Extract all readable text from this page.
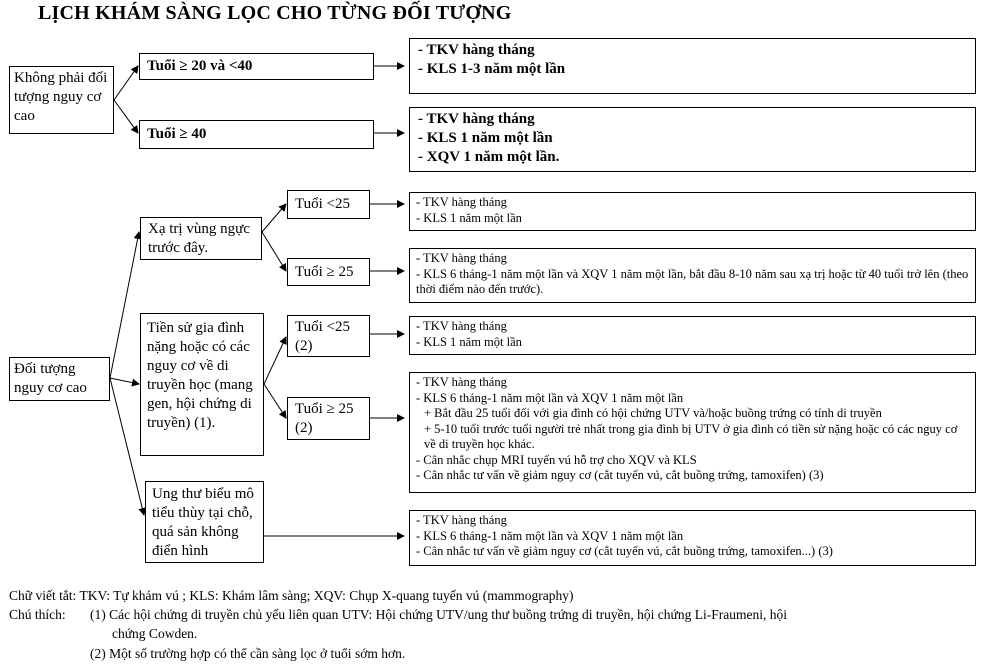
LỊCH KHÁM SÀNG LỌC CHO TỪNG ĐỐI TƯỢNG
Không phải đối tượng nguy cơ cao
Đối tượng nguy cơ cao
Tuổi ≥ 20 và <40
Tuổi ≥ 40
Xạ trị vùng ngực trước đây.
Tiền sử gia đình nặng hoặc có các nguy cơ về di truyền học (mang gen, hội chứng di truyền) (1).
Ung thư biểu mô tiểu thùy tại chỗ, quá sản không điển hình
Tuổi <25
Tuổi ≥ 25
Tuổi <25 (2)
Tuổi ≥ 25 (2)
- TKV hàng tháng
- KLS 1-3 năm một lần
- TKV hàng tháng
- KLS 1 năm một lần
- XQV 1 năm một lần.
- TKV hàng tháng
- KLS 1 năm một lần
- TKV hàng tháng
- KLS 6 tháng-1 năm một lần và XQV 1 năm một lần, bắt đầu 8-10 năm sau xạ trị hoặc từ 40 tuổi trở lên (theo thời điểm nào đến trước).
- TKV hàng tháng
- KLS 1 năm một lần
- TKV hàng tháng
- KLS 6 tháng-1 năm một lần và XQV 1 năm một lần
+ Bắt đầu 25 tuổi đối với gia đình có hội chứng UTV và/hoặc buồng trứng có tính di truyền
+ 5-10 tuổi trước tuổi người trẻ nhất trong gia đình bị UTV ở gia đình có tiền sử nặng hoặc có các nguy cơ về di truyền học khác.
- Cân nhắc chụp MRI tuyến vú hỗ trợ cho XQV và KLS
- Cân nhắc tư vấn về giảm nguy cơ (cắt tuyến vú, cắt buồng trứng, tamoxifen) (3)
- TKV hàng tháng
- KLS 6 tháng-1 năm một lần và XQV 1 năm một lần
- Cân nhắc tư vấn về giảm nguy cơ (cắt tuyến vú, cắt buồng trứng, tamoxifen...) (3)
Chữ viết tắt: TKV: Tự khám vú ; KLS: Khám lâm sàng; XQV: Chụp X-quang tuyến vú (mammography)
Chú thích: (1) Các hội chứng di truyền chủ yếu liên quan UTV: Hội chứng UTV/ung thư buồng trứng di truyền, hội chứng Li-Fraumeni, hội
chứng Cowden.
(2) Một số trường hợp có thể cần sàng lọc ở tuổi sớm hơn.
